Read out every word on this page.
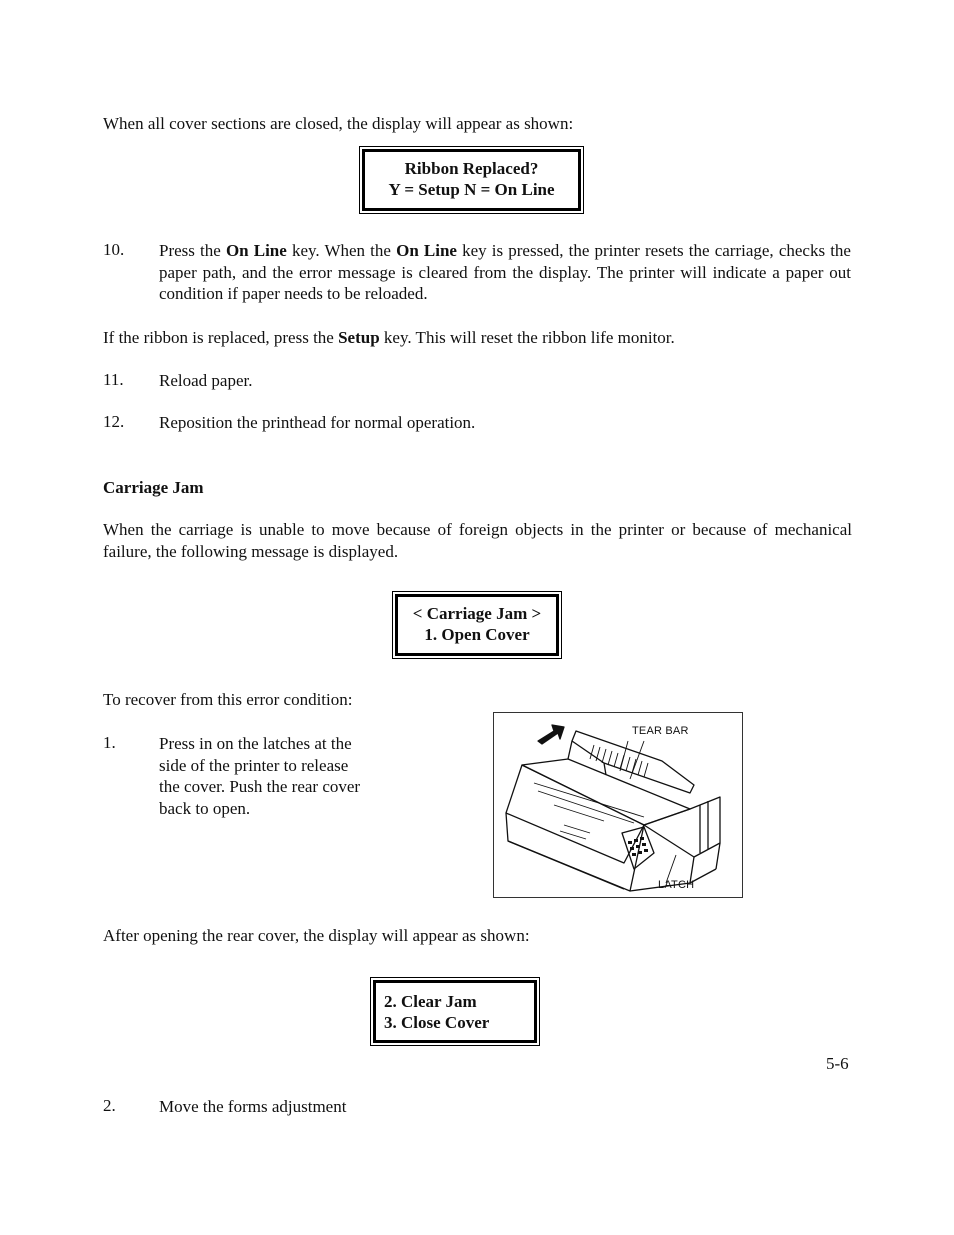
When all cover sections are closed, the display will appear as shown:
Ribbon Replaced?
Y = Setup N = On Line
10. Press the On Line key. When the On Line key is pressed, the printer resets the carriage, checks the paper path, and the error message is cleared from the display. The printer will indicate a paper out condition if paper needs to be reloaded.
If the ribbon is replaced, press the Setup key. This will reset the ribbon life monitor.
11. Reload paper.
12. Reposition the printhead for normal operation.
Carriage Jam
When the carriage is unable to move because of foreign objects in the printer or because of mechanical failure, the following message is displayed.
< Carriage Jam >
1. Open Cover
To recover from this error condition:
1.	Press in on the latches at the side of the printer to release the cover. Push the rear cover back to open.
TEAR BAR
LATCH
After opening the rear cover, the display will appear as shown:
2. Clear Jam
3. Close Cover
5-6
2.	Move the forms adjustment
